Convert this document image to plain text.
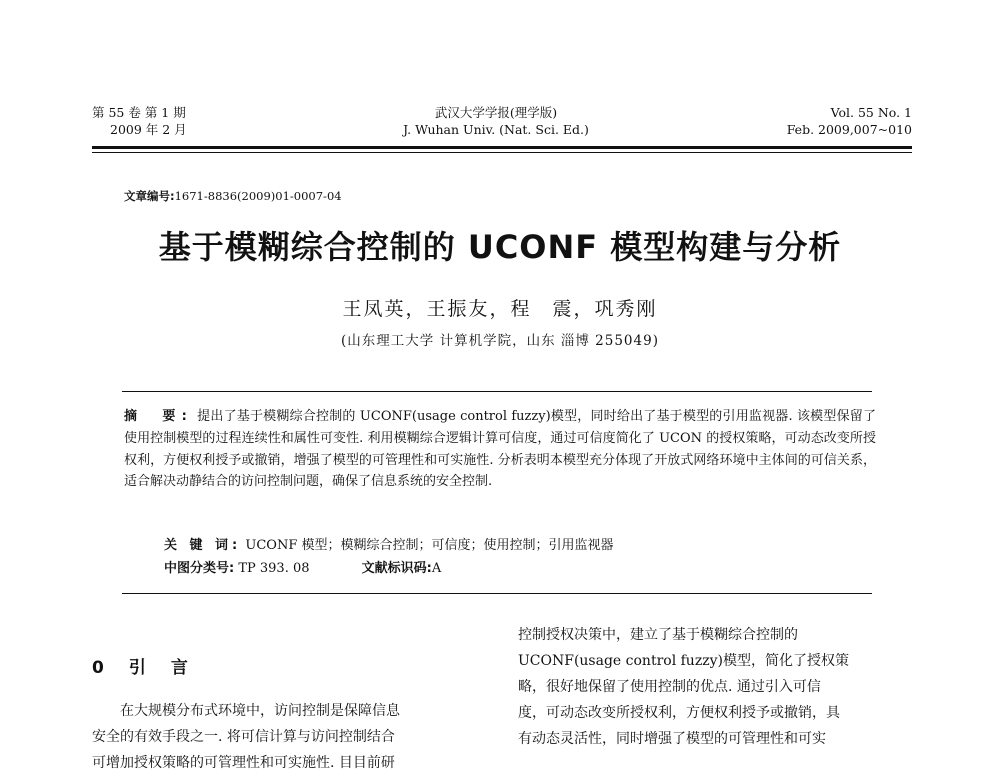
第 55 卷 第 1 期
2009 年 2 月
武汉大学学报(理学版)
J. Wuhan Univ. (Nat. Sci. Ed.)
Vol. 55 No. 1
Feb. 2009,007~010
文章编号:1671-8836(2009)01-0007-04
基于模糊综合控制的 UCONF 模型构建与分析
王凤英，王振友，程　震，巩秀刚
(山东理工大学 计算机学院，山东 淄博 255049)
摘　要: 提出了基于模糊综合控制的 UCONF(usage control fuzzy)模型，同时给出了基于模型的引用监视器. 该模型保留了使用控制模型的过程连续性和属性可变性. 利用模糊综合逻辑计算可信度，通过可信度简化了 UCON 的授权策略，可动态改变所授权利，方便权利授予或撤销，增强了模型的可管理性和可实施性. 分析表明本模型充分体现了开放式网络环境中主体间的可信关系，适合解决动静结合的访问控制问题，确保了信息系统的安全控制.
关 键 词: UCONF 模型；模糊综合控制；可信度；使用控制；引用监视器
中图分类号: TP 393. 08	文献标识码:A
0　引　言
在大规模分布式环境中，访问控制是保障信息
安全的有效手段之一. 将可信计算与访问控制结合
可增加授权策略的可管理性和可实施性. 目目前研
控制授权决策中，建立了基于模糊综合控制的
UCONF(usage control fuzzy)模型，简化了授权策
略，很好地保留了使用控制的优点. 通过引入可信
度，可动态改变所授权利，方便权利授予或撤销，具
有动态灵活性，同时增强了模型的可管理性和可实
